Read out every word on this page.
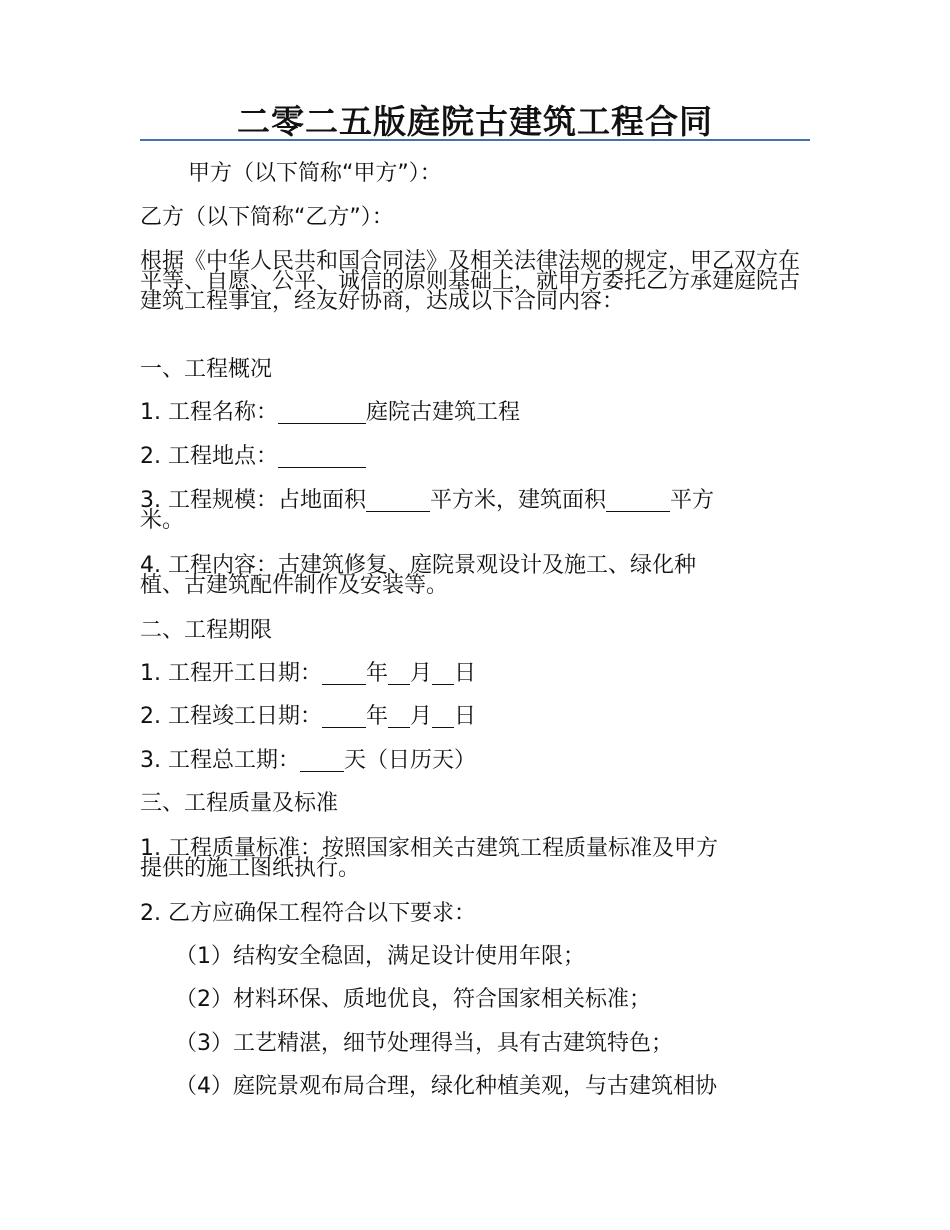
二零二五版庭院古建筑工程合同
甲方（以下简称“甲方”）：
乙方（以下简称“乙方”）：
根据《中华人民共和国合同法》及相关法律法规的规定，甲乙双方在平等、自愿、公平、诚信的原则基础上，就甲方委托乙方承建庭院古建筑工程事宜，经友好协商，达成以下合同内容：
一、工程概况
1. 工程名称：	庭院古建筑工程
2. 工程地点：
3. 工程规模：占地面积	平方米，建筑面积	平方
米。
4. 工程内容：古建筑修复、庭院景观设计及施工、绿化种
植、古建筑配件制作及安装等。
二、工程期限
1. 工程开工日期： 年 月 日
2. 工程竣工日期： 年 月 日
3. 工程总工期： 天（日历天）
三、工程质量及标准
1. 工程质量标准：按照国家相关古建筑工程质量标准及甲方
提供的施工图纸执行。
2. 乙方应确保工程符合以下要求：
（1）结构安全稳固，满足设计使用年限；
（2）材料环保、质地优良，符合国家相关标准；
（3）工艺精湛，细节处理得当，具有古建筑特色；
（4）庭院景观布局合理，绿化种植美观，与古建筑相协
